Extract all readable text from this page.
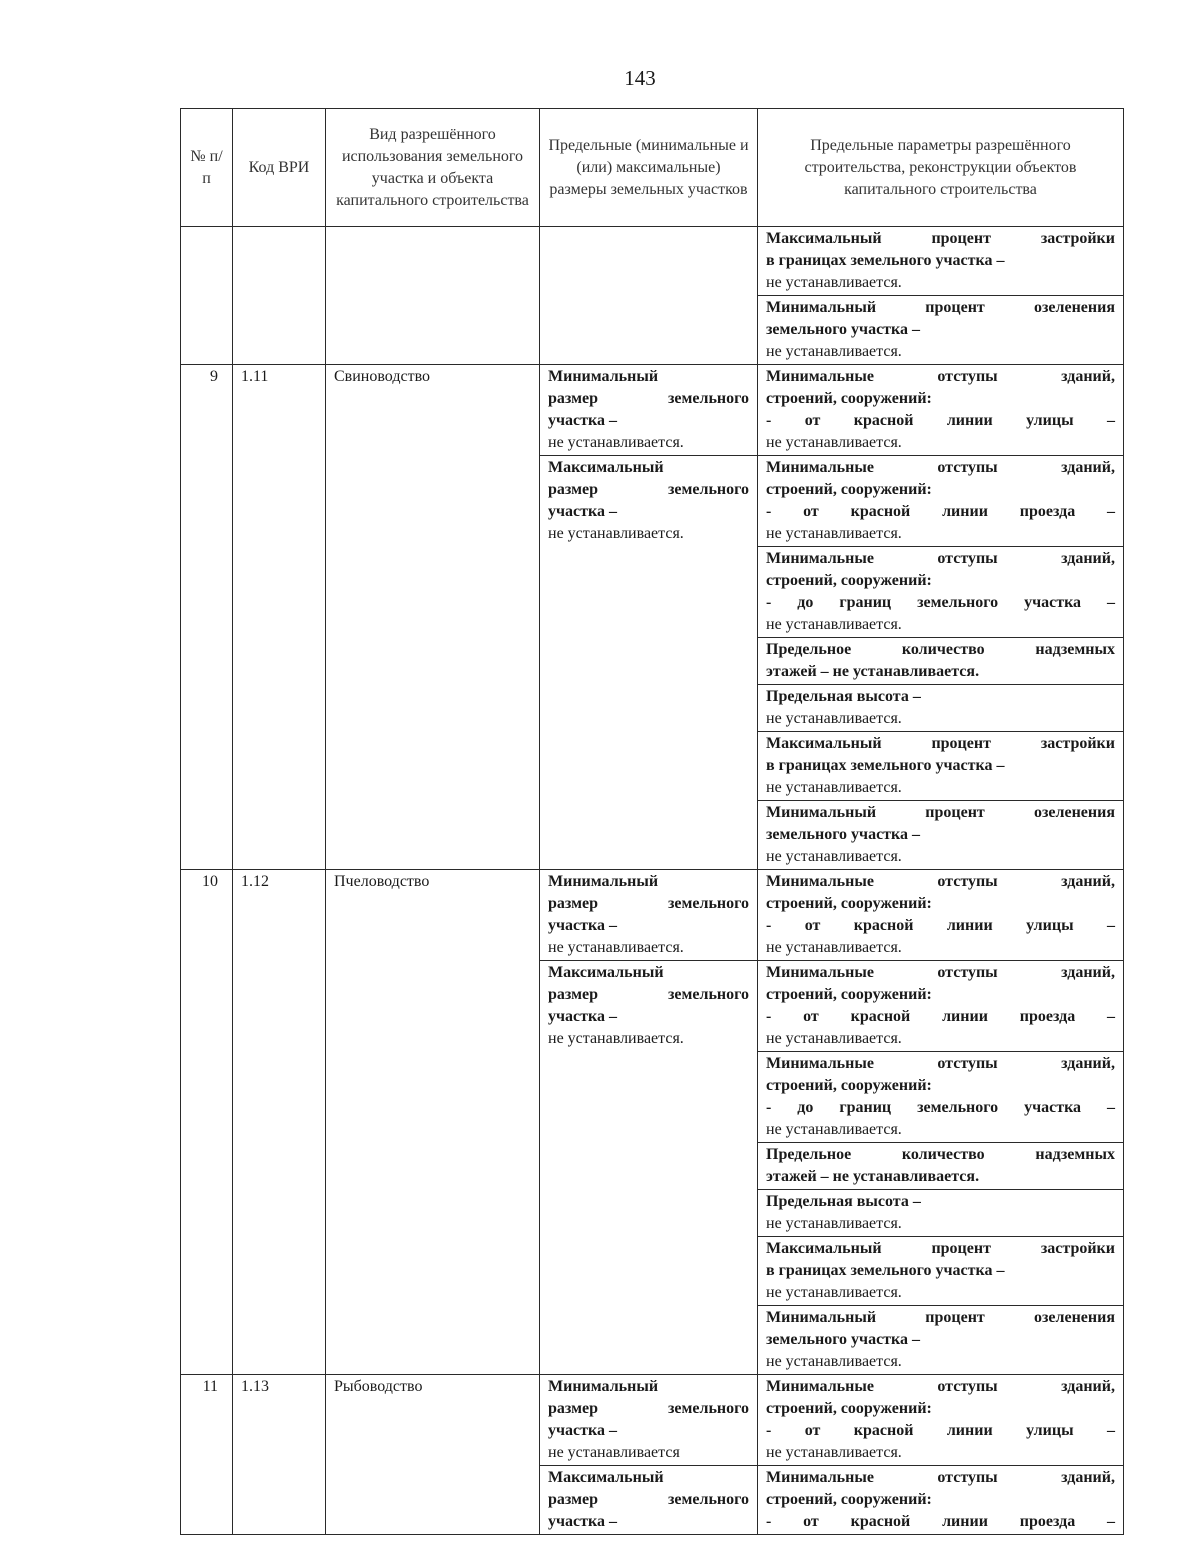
143
№ п/п	Код ВРИ	Вид разрешённого использования земельного участка и объекта капитального строительства	Предельные (минимальные и (или) максимальные) размеры земельных участков	Предельные параметры разрешённого строительства, реконструкции объектов капитального строительства

				Максимальный процент застройки
в границах земельного участка –
не устанавливается.

				Минимальный процент озеленения
земельного участка –
не устанавливается.

9	1.11	Свиноводство	Минимальный
размер земельного
участка –
не устанавливается.	Минимальные отступы зданий,
строений, сооружений:
- от красной линии улицы –
не устанавливается.

			Максимальный
размер земельного
участка –
не устанавливается.	Минимальные отступы зданий,
строений, сооружений:
- от красной линии проезда –
не устанавливается.

				Минимальные отступы зданий,
строений, сооружений:
- до границ земельного участка –
не устанавливается.

				Предельное количество надземных
этажей – не устанавливается.

				Предельная высота –
не устанавливается.

				Максимальный процент застройки
в границах земельного участка –
не устанавливается.

				Минимальный процент озеленения
земельного участка –
не устанавливается.

10	1.12	Пчеловодство	Минимальный
размер земельного
участка –
не устанавливается.	Минимальные отступы зданий,
строений, сооружений:
- от красной линии улицы –
не устанавливается.

			Максимальный
размер земельного
участка –
не устанавливается.	Минимальные отступы зданий,
строений, сооружений:
- от красной линии проезда –
не устанавливается.

				Минимальные отступы зданий,
строений, сооружений:
- до границ земельного участка –
не устанавливается.

				Предельное количество надземных
этажей – не устанавливается.

				Предельная высота –
не устанавливается.

				Максимальный процент застройки
в границах земельного участка –
не устанавливается.

				Минимальный процент озеленения
земельного участка –
не устанавливается.

11	1.13	Рыбоводство	Минимальный
размер земельного
участка –
не устанавливается	Минимальные отступы зданий,
строений, сооружений:
- от красной линии улицы –
не устанавливается.

			Максимальный
размер земельного
участка –	Минимальные отступы зданий,
строений, сооружений:
- от красной линии проезда –
